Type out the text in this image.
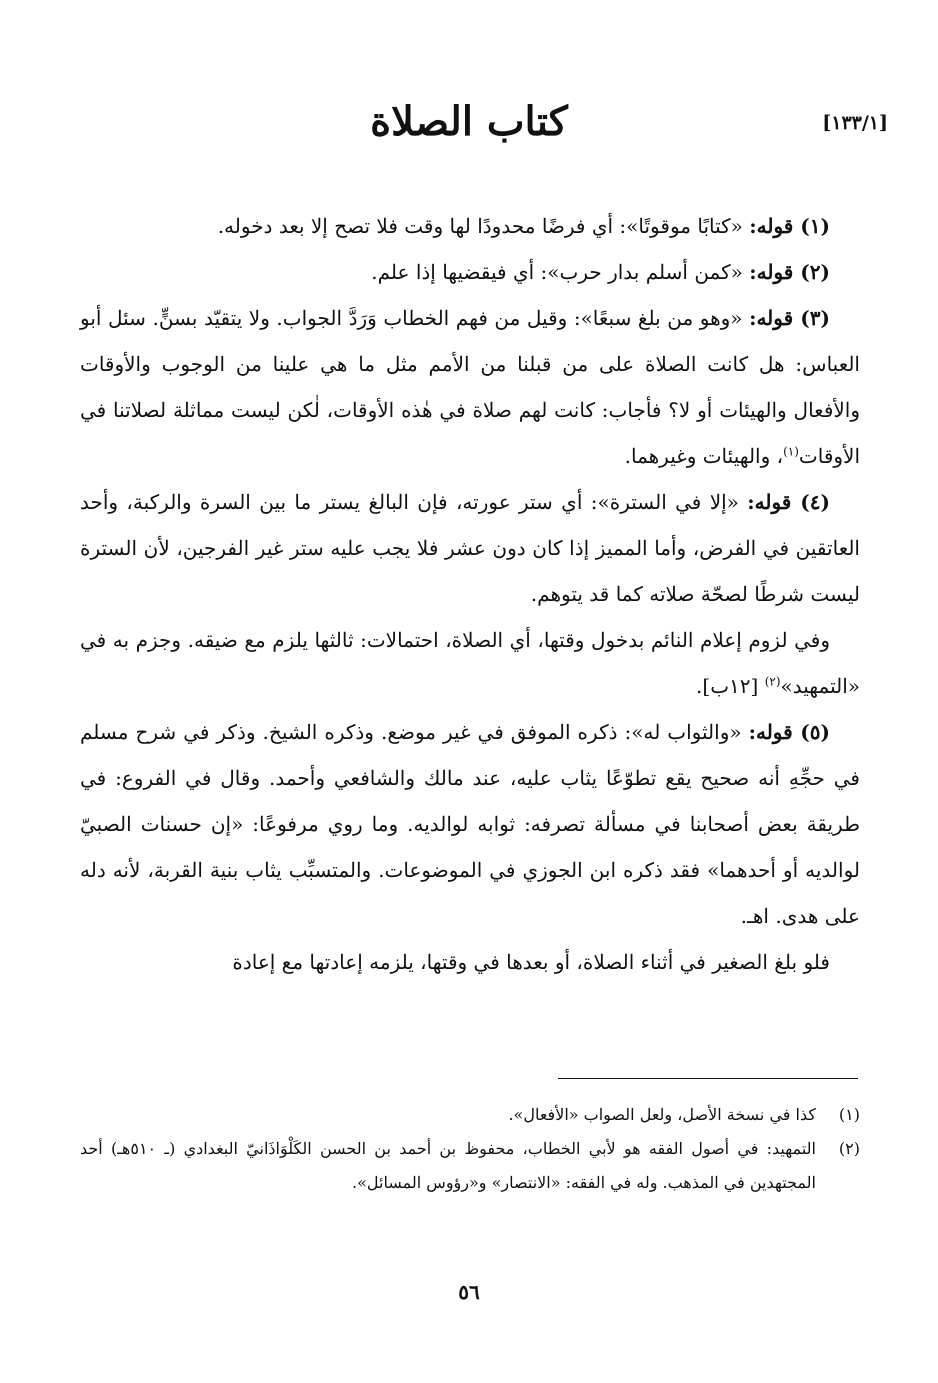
[١٣٣/١]
كتاب الصلاة

(١) قوله: «كتابًا موقوتًا»: أي فرضًا محدودًا لها وقت فلا تصح إلا بعد دخوله.

(٢) قوله: «كمن أسلم بدار حرب»: أي فيقضيها إذا علم.

(٣) قوله: «وهو من بلغ سبعًا»: وقيل من فهم الخطاب وَرَدَّ الجواب. ولا يتقيّد بسنٍّ. سئل أبو العباس: هل كانت الصلاة على من قبلنا من الأمم مثل ما هي علينا من الوجوب والأوقات والأفعال والهيئات أو لا؟ فأجاب: كانت لهم صلاة في هٰذه الأوقات، لٰكن ليست مماثلة لصلاتنا في الأوقات$^{(١)}$، والهيئات وغيرهما.

(٤) قوله: «إلا في السترة»: أي ستر عورته، فإن البالغ يستر ما بين السرة والركبة، وأحد العاتقين في الفرض، وأما المميز إذا كان دون عشر فلا يجب عليه ستر غير الفرجين، لأن السترة ليست شرطًا لصحّة صلاته كما قد يتوهم.

وفي لزوم إعلام النائم بدخول وقتها، أي الصلاة، احتمالات: ثالثها يلزم مع ضيقه. وجزم به في «التمهيد»$^{(٢)}$ [١٢ب].

(٥) قوله: «والثواب له»: ذكره الموفق في غير موضع. وذكره الشيخ. وذكر في شرح مسلم في حجِّهِ أنه صحيح يقع تطوّعًا يثاب عليه، عند مالك والشافعي وأحمد. وقال في الفروع: في طريقة بعض أصحابنا في مسألة تصرفه: ثوابه لوالديه. وما روي مرفوعًا: «إن حسنات الصبيّ لوالديه أو أحدهما» فقد ذكره ابن الجوزي في الموضوعات. والمتسبِّب يثاب بنية القربة، لأنه دله على هدى. اهـ.

فلو بلغ الصغير في أثناء الصلاة، أو بعدها في وقتها، يلزمه إعادتها مع إعادة

(١)
كذا في نسخة الأصل، ولعل الصواب «الأفعال».
(٢)
التمهيد: في أصول الفقه هو لأبي الخطاب، محفوظ بن أحمد بن الحسن الكَلْوَاذَانيّ البغدادي (ـ ٥١٠هـ) أحد المجتهدين في المذهب. وله في الفقه: «الانتصار» و«رؤوس المسائل».
٥٦
